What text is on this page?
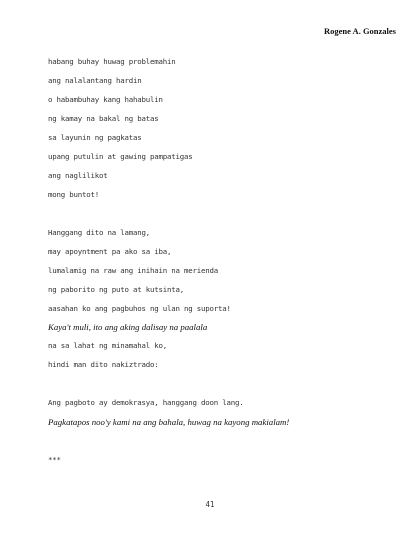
Rogene A. Gonzales
habang buhay huwag problemahin
ang nalalantang hardin
o habambuhay kang hahabulin
ng kamay na bakal ng batas
sa layunin ng pagkatas
upang putulin at gawing pampatigas
ang naglilikot
mong buntot!
Hanggang dito na lamang,
may apoyntment pa ako sa iba,
lumalamig na raw ang inihain na merienda
ng paborito ng puto at kutsinta,
aasahan ko ang pagbuhos ng ulan ng suporta!
Kaya't muli, ito ang aking dalisay na paalala
na sa lahat ng minamahal ko,
hindi man dito nakiztrado:
Ang pagboto ay demokrasya, hanggang doon lang.
Pagkatapos noo'y kami na ang bahala, huwag na kayong makialam!
***
41
